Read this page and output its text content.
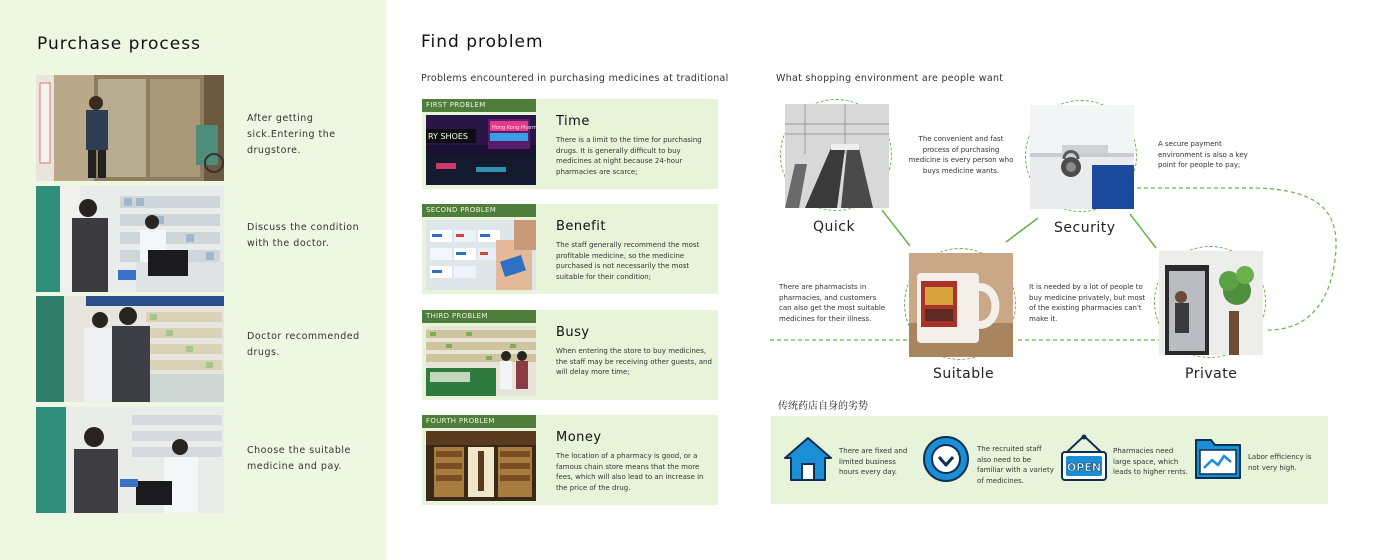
Purchase process
After getting sick.Entering the drugstore.
Discuss the condition with the doctor.
Doctor recommended drugs.
Choose the suitable medicine and pay.
Find problem
Problems encountered in purchasing medicines at traditional
FIRST PROBLEM
RY SHOES
Hong Kong Pharmacy Time
There is a limit to the time for purchasing drugs. It is generally difficult to buy medicines at night because 24-hour pharmacies are scarce;
SECOND PROBLEM
Benefit
The staff generally recommend the most profitable medicine, so the medicine purchased is not necessarily the most suitable for their condition;
THIRD PROBLEM
Busy
When entering the store to buy medicines, the staff may be receiving other guests, and will delay more time;
FOURTH PROBLEM
Money
The location of a pharmacy is good, or a famous chain store means that the more fees, which will also lead to an increase in the price of the drug.
What shopping environment are people want
Quick
The convenient and fast process of purchasing medicine is every person who buys medicine wants.
Security
A secure payment environment is also a key point for people to pay;
Suitable
There are pharmacists in pharmacies, and customers can also get the most suitable medicines for their illness.
Private
It is needed by a lot of people to buy medicine privately, but most of the existing pharmacies can't make it.
传统药店自身的劣势
There are fixed and limited business hours every day.
The recruited staff also need to be familiar with a variety of medicines.
OPEN
Pharmacies need large space, which leads to higher rents.
Labor efficiency is not very high.
